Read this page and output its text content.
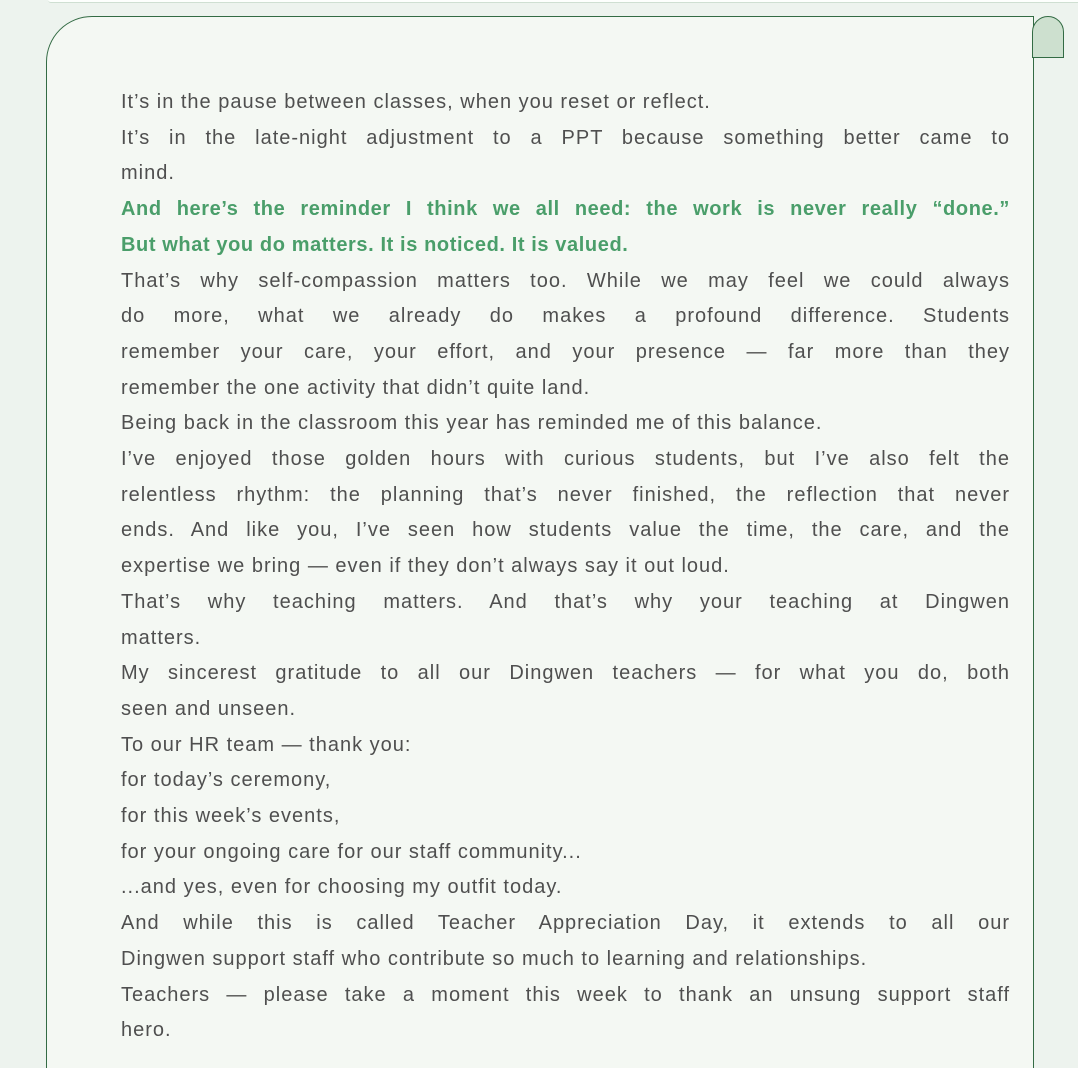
It’s in the pause between classes, when you reset or reflect.
It’s in the late-night adjustment to a PPT because something better came to
mind.
And here’s the reminder I think we all need: the work is never really “done.”
But what you do matters. It is noticed. It is valued.
That’s why self-compassion matters too. While we may feel we could always
do more, what we already do makes a profound difference. Students
remember your care, your effort, and your presence — far more than they
remember the one activity that didn’t quite land.
Being back in the classroom this year has reminded me of this balance.
I’ve enjoyed those golden hours with curious students, but I’ve also felt the
relentless rhythm: the planning that’s never finished, the reflection that never
ends. And like you, I’ve seen how students value the time, the care, and the
expertise we bring — even if they don’t always say it out loud.
That’s why teaching matters. And that’s why your teaching at Dingwen
matters.
My sincerest gratitude to all our Dingwen teachers — for what you do, both
seen and unseen.
To our HR team — thank you:
for today’s ceremony,
for this week’s events,
for your ongoing care for our staff community...
...and yes, even for choosing my outfit today.
And while this is called Teacher Appreciation Day, it extends to all our
Dingwen support staff who contribute so much to learning and relationships.
Teachers — please take a moment this week to thank an unsung support staff
hero.
